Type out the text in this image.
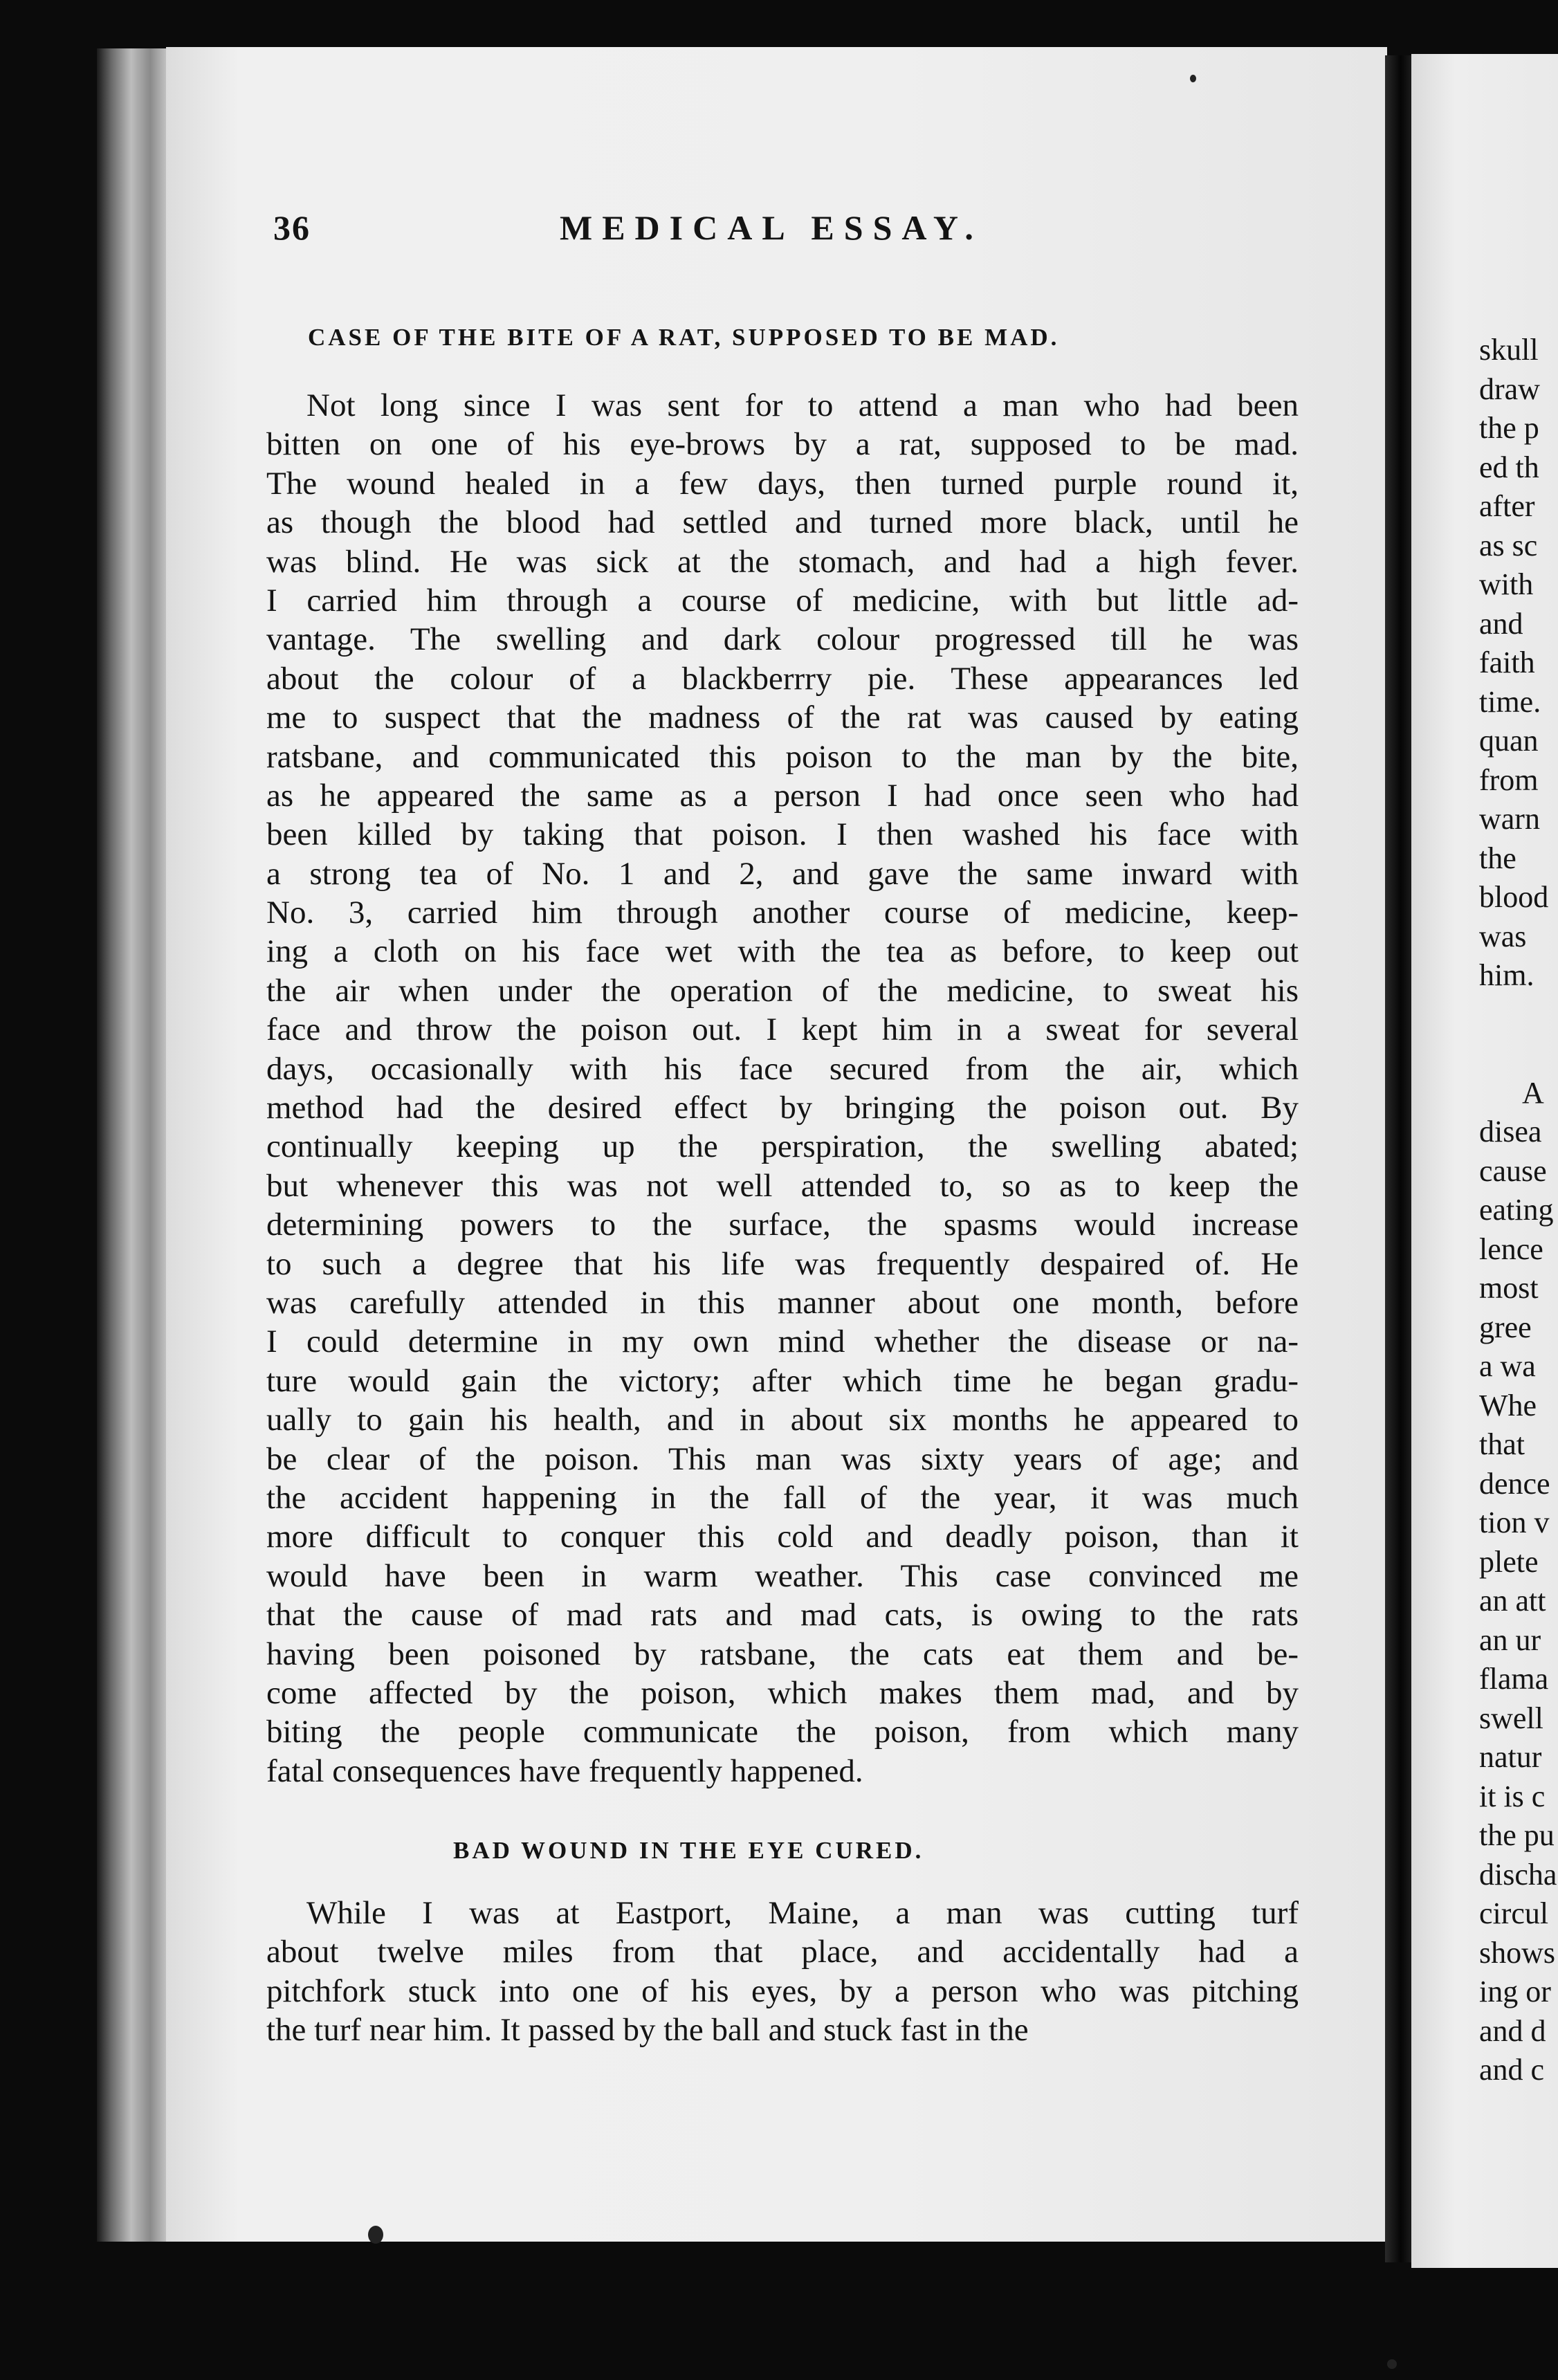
36	MEDICAL ESSAY.
CASE OF THE BITE OF A RAT, SUPPOSED TO BE MAD.
Not long since I was sent for to attend a man who had been
bitten on one of his eye-brows by a rat, supposed to be mad.
The wound healed in a few days, then turned purple round it,
as though the blood had settled and turned more black, until he
was blind. He was sick at the stomach, and had a high fever.
I carried him through a course of medicine, with but little ad-
vantage. The swelling and dark colour progressed till he was
about the colour of a blackberrry pie. These appearances led
me to suspect that the madness of the rat was caused by eating
ratsbane, and communicated this poison to the man by the bite,
as he appeared the same as a person I had once seen who had
been killed by taking that poison. I then washed his face with
a strong tea of No. 1 and 2, and gave the same inward with
No. 3, carried him through another course of medicine, keep-
ing a cloth on his face wet with the tea as before, to keep out
the air when under the operation of the medicine, to sweat his
face and throw the poison out. I kept him in a sweat for several
days, occasionally with his face secured from the air, which
method had the desired effect by bringing the poison out. By
continually keeping up the perspiration, the swelling abated;
but whenever this was not well attended to, so as to keep the
determining powers to the surface, the spasms would increase
to such a degree that his life was frequently despaired of. He
was carefully attended in this manner about one month, before
I could determine in my own mind whether the disease or na-
ture would gain the victory; after which time he began gradu-
ually to gain his health, and in about six months he appeared to
be clear of the poison. This man was sixty years of age; and
the accident happening in the fall of the year, it was much
more difficult to conquer this cold and deadly poison, than it
would have been in warm weather. This case convinced me
that the cause of mad rats and mad cats, is owing to the rats
having been poisoned by ratsbane, the cats eat them and be-
come affected by the poison, which makes them mad, and by
biting the people communicate the poison, from which many
fatal consequences have frequently happened.
BAD WOUND IN THE EYE CURED.
While I was at Eastport, Maine, a man was cutting turf
about twelve miles from that place, and accidentally had a
pitchfork stuck into one of his eyes, by a person who was pitching
the turf near him. It passed by the ball and stuck fast in the
skull
draw
the p
ed th
after
as sc
with
and
faith
time.
quan
from
warn
the
blood
was
him.

A
disea
cause
eating
lence
most
gree
a wa
Whe
that
dence
tion v
plete
an att
an ur
flama
swell
natur
it is c
the pu
discha
circul
shows
ing or
and d
and c
